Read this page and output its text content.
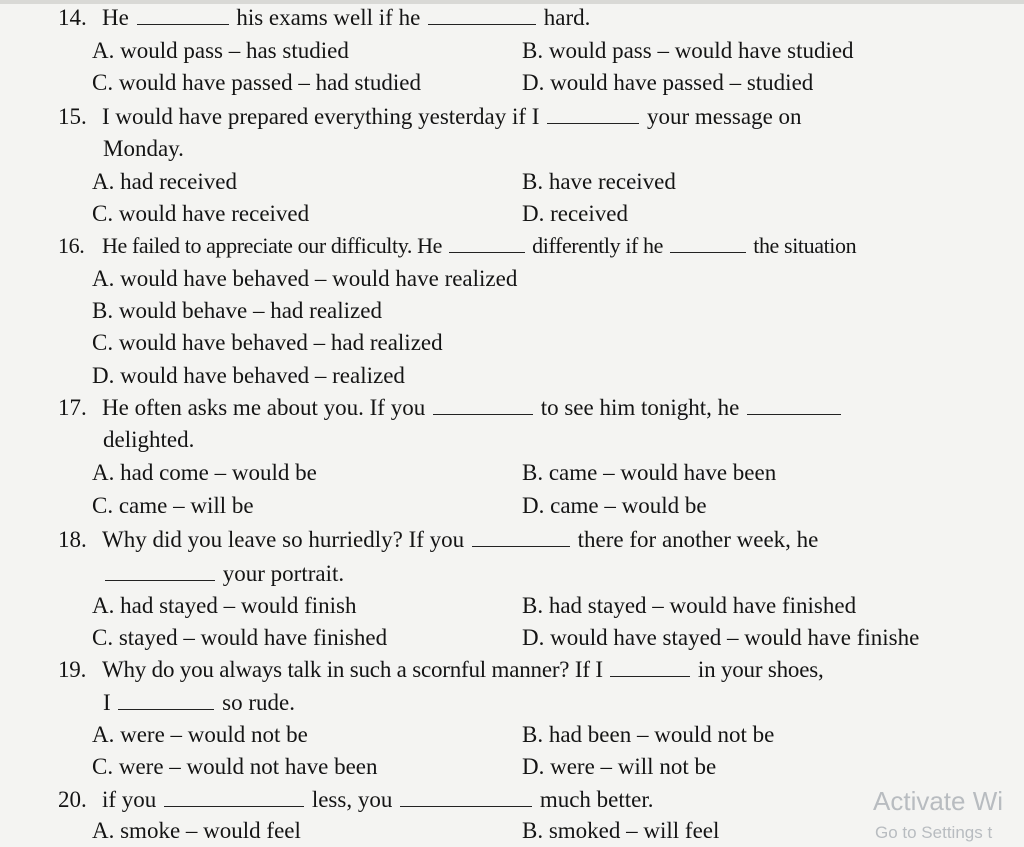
14. He	his exams well if he	hard.
A. would pass – has studied	B. would pass – would have studied
C. would have passed – had studied	D. would have passed – studied
15. I would have prepared everything yesterday if I	your message on
Monday.
A. had received	B. have received
C. would have received	D. received
16. He failed to appreciate our difficulty. He	differently if he	the situation
A. would have behaved – would have realized
B. would behave – had realized
C. would have behaved – had realized
D. would have behaved – realized
17. He often asks me about you. If you	to see him tonight, he
delighted.
A. had come – would be	B. came – would have been
C. came – will be	D. came – would be
18. Why did you leave so hurriedly? If you	there for another week, he
your portrait.
A. had stayed – would finish	B. had stayed – would have finished
C. stayed – would have finished	D. would have stayed – would have finishe
19. Why do you always talk in such a scornful manner? If I	in your shoes,
I	so rude.
A. were – would not be	B. had been – would not be
C. were – would not have been	D. were – will not be
20. if you	less, you	much better.
A. smoke – would feel	B. smoked – will feel
Activate Wi
Go to Settings t
